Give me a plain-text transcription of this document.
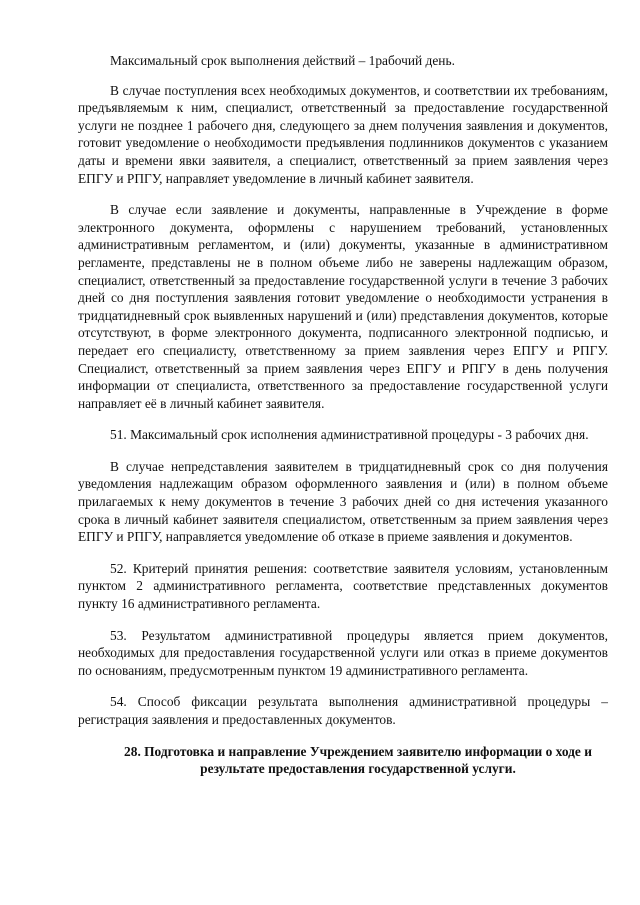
Максимальный срок выполнения действий – 1рабочий день.

В случае поступления всех необходимых документов, и соответствии их требованиям, предъявляемым к ним, специалист, ответственный за предоставление государственной услуги не позднее 1 рабочего дня, следующего за днем получения заявления и документов, готовит уведомление о необходимости предъявления подлинников документов с указанием даты и времени явки заявителя, а специалист, ответственный за прием заявления через ЕПГУ и РПГУ, направляет уведомление в личный кабинет заявителя.

В случае если заявление и документы, направленные в Учреждение в форме электронного документа, оформлены с нарушением требований, установленных административным регламентом, и (или) документы, указанные в административном регламенте, представлены не в полном объеме либо не заверены надлежащим образом, специалист, ответственный за предоставление государственной услуги в течение 3 рабочих дней со дня поступления заявления готовит уведомление о необходимости устранения в тридцатидневный срок выявленных нарушений и (или) представления документов, которые отсутствуют, в форме электронного документа, подписанного электронной подписью, и передает его специалисту, ответственному за прием заявления через ЕПГУ и РПГУ. Специалист, ответственный за прием заявления через ЕПГУ и РПГУ в день получения информации от специалиста, ответственного за предоставление государственной услуги направляет её в личный кабинет заявителя.

51. Максимальный срок исполнения административной процедуры - 3 рабочих дня.

В случае непредставления заявителем в тридцатидневный срок со дня получения уведомления надлежащим образом оформленного заявления и (или) в полном объеме прилагаемых к нему документов в течение 3 рабочих дней со дня истечения указанного срока в личный кабинет заявителя специалистом, ответственным за прием заявления через ЕПГУ и РПГУ, направляется уведомление об отказе в приеме заявления и документов.

52. Критерий принятия решения: соответствие заявителя условиям, установленным пунктом 2 административного регламента, соответствие представленных документов пункту 16 административного регламента.

53. Результатом административной процедуры является прием документов, необходимых для предоставления государственной услуги или отказ в приеме документов по основаниям, предусмотренным пунктом 19 административного регламента.

54. Способ фиксации результата выполнения административной процедуры – регистрация заявления и предоставленных документов.

28. Подготовка и направление Учреждением заявителю информации о ходе и результате предоставления государственной услуги.
